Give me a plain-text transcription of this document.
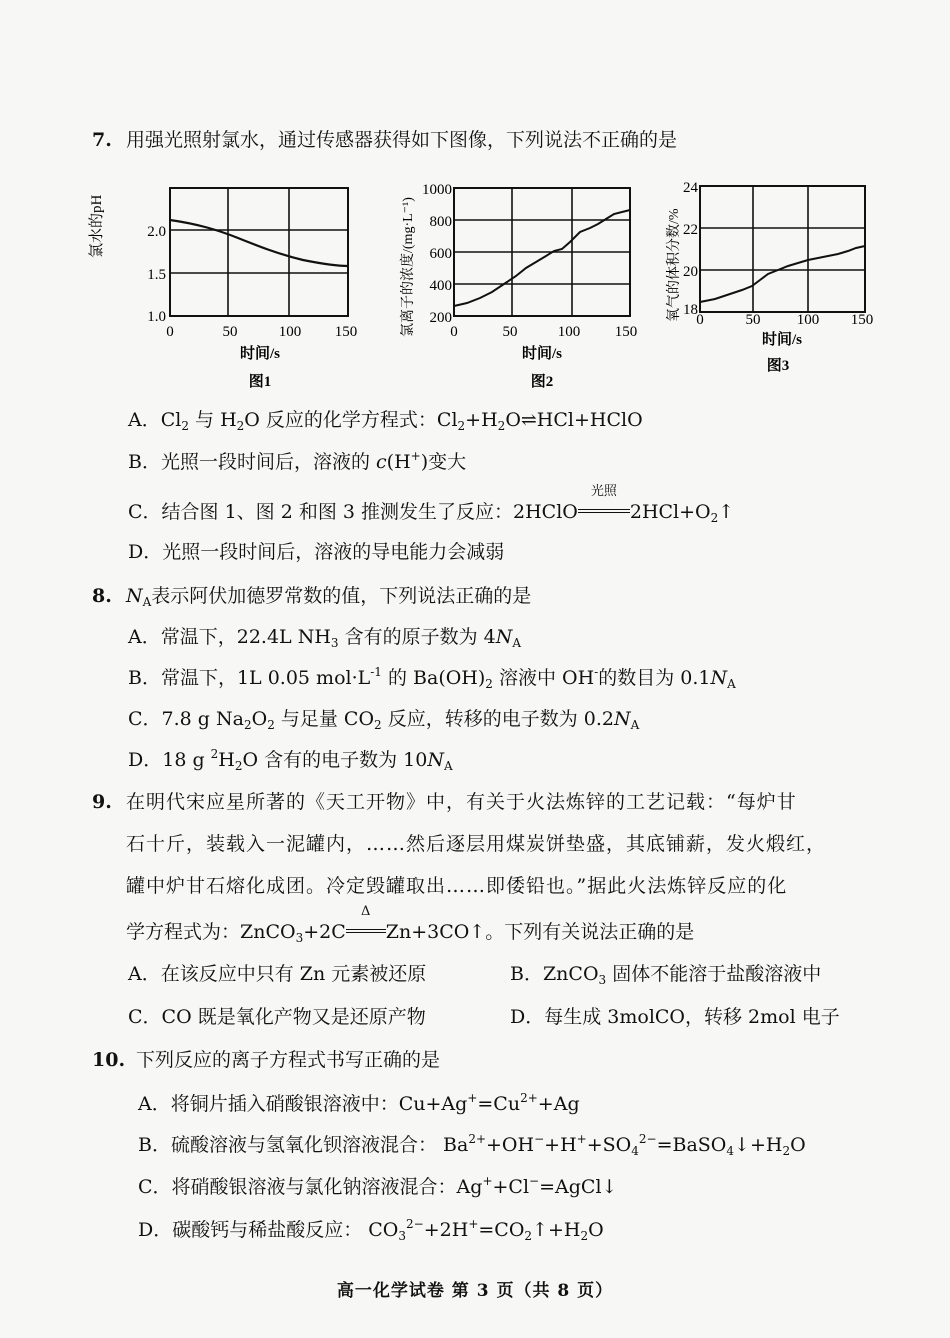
7. 用强光照射氯水，通过传感器获得如下图像，下列说法不正确的是
氯水的pH	2.0
1.5
1.0
0	50	100 150
时间/s
图1
氯离子的浓度/(mg·L⁻¹)
1000
800
600
400
200
0	50	100 150
时间/s
图2
氧气的体积分数/%
24
22
20
18
0	50 100 150
时间/s
图3
A．$Cl_2$ 与 $H_2O$ 反应的化学方程式：$Cl_2+H_2O\rightleftharpoons HCl+HClO$
B．光照一段时间后，溶液的 c(H+)变大
C．结合图 1、图 2 和图 3 推测发生了反应：2HClO
光照
$2HCl+O_2↑$
D．光照一段时间后，溶液的导电能力会减弱
8. $N_A$表示阿伏加德罗常数的值，下列说法正确的是
A．常温下，22.4L $NH_3$ 含有的原子数为 $4N_A$
B．常温下，1L 0.05 $mol\cdot L^{-1}$ 的 $Ba(OH)_2$ 溶液中 OH-的数目为 $0.1N_A$
C．7.8 g $Na_2O_2$ 与足量 $CO_2$ 反应，转移的电子数为 $0.2N_A$
D．18 g $^2H_2O$ 含有的电子数为 $10N_A$
9. 在明代宋应星所著的《天工开物》中，有关于火法炼锌的工艺记载：“每炉甘
石十斤，装载入一泥罐内，……然后逐层用煤炭饼垫盛，其底铺薪，发火煅红，
罐中炉甘石熔化成团。冷定毁罐取出……即倭铅也。”据此火法炼锌反应的化
学方程式为：ZnCO$_3$+2C
Δ
Zn+3CO↑。下列有关说法正确的是
A．在该反应中只有 Zn 元素被还原	B．ZnCO$_3$ 固体不能溶于盐酸溶液中
C．CO 既是氧化产物又是还原产物	D．每生成 3molCO，转移 2mol 电子
10. 下列反应的离子方程式书写正确的是
A．将铜片插入硝酸银溶液中：$Cu+Ag^+=Cu^{2+}+Ag$
B．硫酸溶液与氢氧化钡溶液混合： $Ba^{2+}+OH^-+H^++SO_4^{2-}=BaSO_4↓+H_2O$
C．将硝酸银溶液与氯化钠溶液混合：Ag++Cl−=AgCl↓
D．碳酸钙与稀盐酸反应： $CO_3^{2-}+2H^+=CO_2↑+H_2O$
高一化学试卷 第 3 页（共 8 页）
